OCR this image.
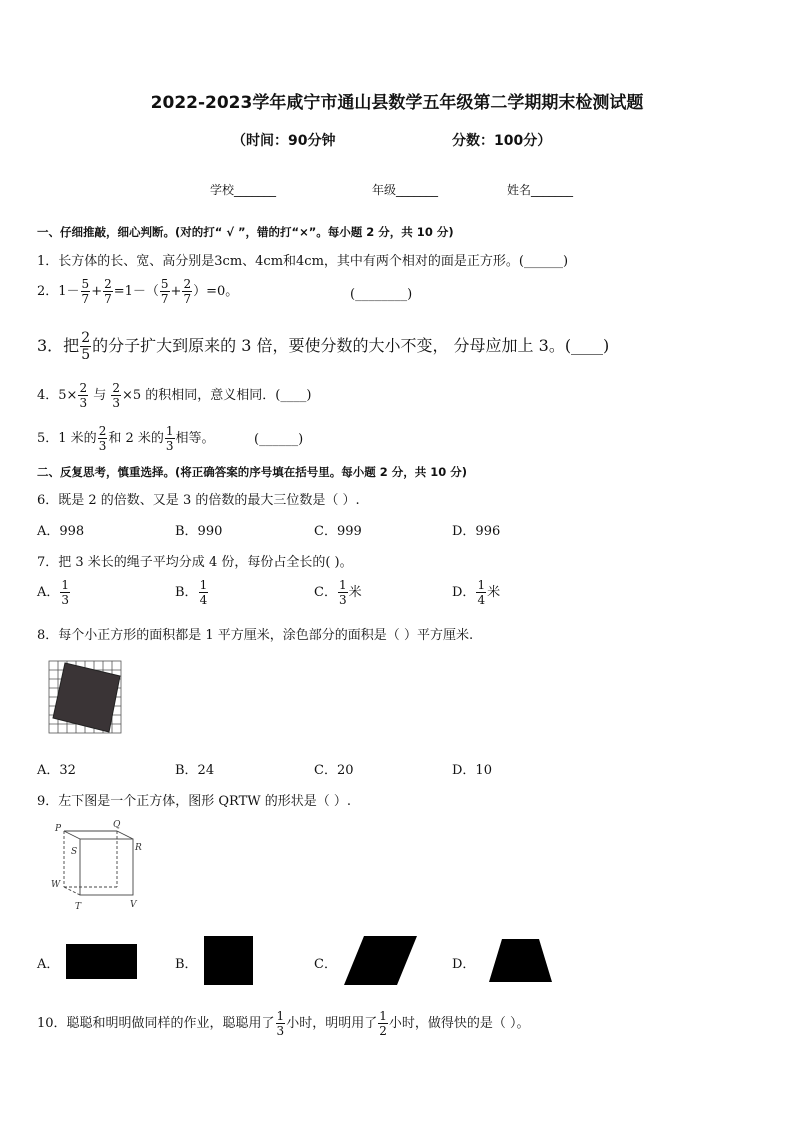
2022-2023学年咸宁市通山县数学五年级第二学期期末检测试题
（时间：90分钟	分数：100分）
学校_______	年级_______	姓名_______
一、仔细推敲，细心判断。(对的打“ √ ”，错的打“×”。每小题 2 分，共 10 分)
1．长方体的长、宽、高分别是3cm、4cm和4cm，其中有两个相对的面是正方形。(______)
2．$1- \frac{5}{7} + \frac{2}{7} =1-( \frac{5}{7} + \frac{2}{7} )=0$。	(________)
3．把 $\frac{2}{5}$ 的分子扩大到原来的 3 倍，要使分数的大小不变， 分母应加上 3。(____)
4．$5\times \frac{2}{3}$ 与 $\frac{2}{3} \times 5$ 的积相同，意义相同．(____)
5．1 米的 $\frac{2}{3}$ 和 2 米的 $\frac{1}{3}$ 相等。	(______)
二、反复思考，慎重选择。(将正确答案的序号填在括号里。每小题 2 分，共 10 分)
6．既是 2 的倍数、又是 3 的倍数的最大三位数是（ ）.
A．998	B．990	C．999	D．996
7．把 3 米长的绳子平均分成 4 份，每份占全长的( )。
A． $\frac{1}{3}$	B． $\frac{1}{4}$	C． $\frac{1}{3}$ 米	D． $\frac{1}{4}$ 米
8．每个小正方形的面积都是 1 平方厘米，涂色部分的面积是（ ）平方厘米.
A．32	B．24	C．20	D．10
9．左下图是一个正方体，图形 QRTW 的形状是（ ）.
P	Q
S	R
W
T	V
A．	B．	C．	D．
10．聪聪和明明做同样的作业，聪聪用了 $\frac{1}{3}$ 小时，明明用了 $\frac{1}{2}$ 小时，做得快的是（ ）。
